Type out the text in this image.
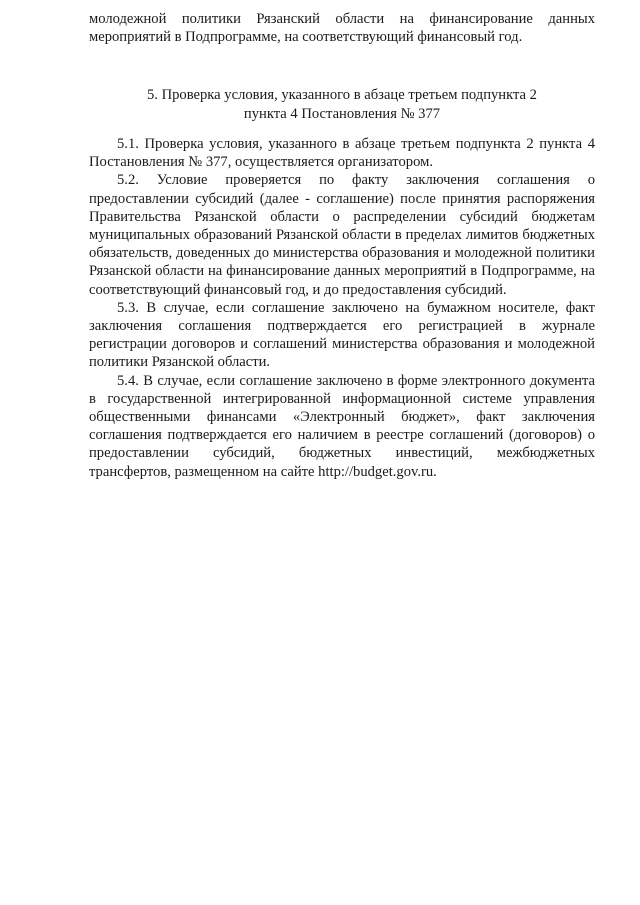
молодежной политики Рязанский области на финансирование данных мероприятий в Подпрограмме, на соответствующий финансовый год.

5. Проверка условия, указанного в абзаце третьем подпункта 2
пункта 4 Постановления № 377

5.1. Проверка условия, указанного в абзаце третьем подпункта 2 пункта 4 Постановления № 377, осуществляется организатором.

5.2. Условие проверяется по факту заключения соглашения о предоставлении субсидий (далее - соглашение) после принятия распоряжения Правительства Рязанской области о распределении субсидий бюджетам муниципальных образований Рязанской области в пределах лимитов бюджетных обязательств, доведенных до министерства образования и молодежной политики Рязанской области на финансирование данных мероприятий в Подпрограмме, на соответствующий финансовый год, и до предоставления субсидий.

5.3. В случае, если соглашение заключено на бумажном носителе, факт заключения соглашения подтверждается его регистрацией в журнале регистрации договоров и соглашений министерства образования и молодежной политики Рязанской области.

5.4. В случае, если соглашение заключено в форме электронного документа в государственной интегрированной информационной системе управления общественными финансами «Электронный бюджет», факт заключения соглашения подтверждается его наличием в реестре соглашений (договоров) о предоставлении субсидий, бюджетных инвестиций, межбюджетных трансфертов, размещенном на сайте http://budget.gov.ru.
